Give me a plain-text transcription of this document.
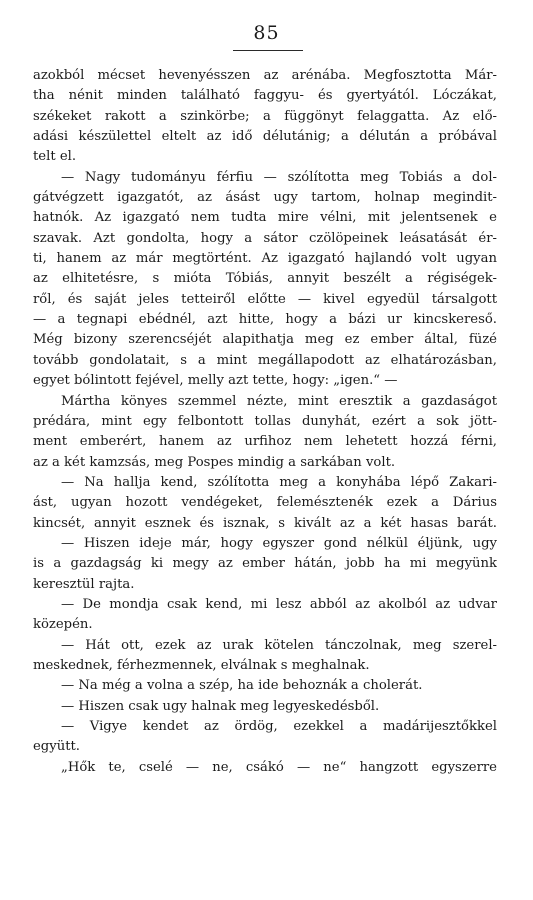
85
azokból mécset hevenyésszen az arénába. Megfosztotta Már-
tha nénit minden található faggyu- és gyertyától. Lóczákat,
székeket rakott a szinkörbe; a függönyt felaggatta. Az elő-
adási készülettel eltelt az idő délutánig; a délután a próbával
telt el.
— Nagy tudományu férfiu — szólította meg Tobiás a dol-
gátvégzett igazgatót, az ásást ugy tartom, holnap megindit-
hatnók. Az igazgató nem tudta mire vélni, mit jelentsenek e
szavak. Azt gondolta, hogy a sátor czölöpeinek leásatását ér-
ti, hanem az már megtörtént. Az igazgató hajlandó volt ugyan
az elhitetésre, s mióta Tóbiás, annyit beszélt a régiségek-
ről, és saját jeles tetteiről előtte — kivel egyedül társalgott
— a tegnapi ebédnél, azt hitte, hogy a bázi ur kincskereső.
Még bizony szerencséjét alapithatja meg ez ember által, füzé
tovább gondolatait, s a mint megállapodott az elhatározásban,
egyet bólintott fejével, melly azt tette, hogy: „igen.“ —
Mártha könyes szemmel nézte, mint eresztik a gazdaságot
prédára, mint egy felbontott tollas dunyhát, ezért a sok jött-
ment emberért, hanem az urfihoz nem lehetett hozzá férni,
az a két kamzsás, meg Pospes mindig a sarkában volt.
— Na hallja kend, szólította meg a konyhába lépő Zakari-
ást, ugyan hozott vendégeket, felemésztenék ezek a Dárius
kincsét, annyit esznek és isznak, s kivált az a két hasas barát.
— Hiszen ideje már, hogy egyszer gond nélkül éljünk, ugy
is a gazdagság ki megy az ember hátán, jobb ha mi megyünk
keresztül rajta.
— De mondja csak kend, mi lesz abból az akolból az udvar
közepén.
— Hát ott, ezek az urak kötelen tánczolnak, meg szerel-
meskednek, férhezmennek, elválnak s meghalnak.
— Na még a volna a szép, ha ide behoznák a cholerát.
— Hiszen csak ugy halnak meg legyeskedésből.
— Vigye kendet az ördög, ezekkel a madárijesztőkkel
együtt.
„Hők te, cselé — ne, csákó — ne“ hangzott egyszerre
